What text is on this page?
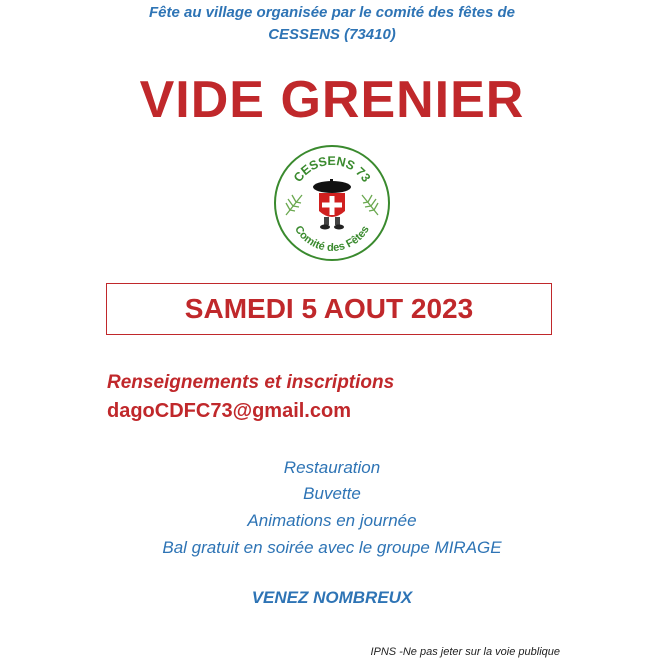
Fête au village organisée par le comité des fêtes de
CESSENS (73410)
VIDE GRENIER
CESSENS 73
Comité des Fêtes
SAMEDI 5 AOUT 2023
Renseignements et inscriptions
dagoCDFC73@gmail.com
Restauration
Buvette
Animations en journée
Bal gratuit en soirée avec le groupe MIRAGE
VENEZ NOMBREUX
IPNS -Ne pas jeter sur la voie publique
